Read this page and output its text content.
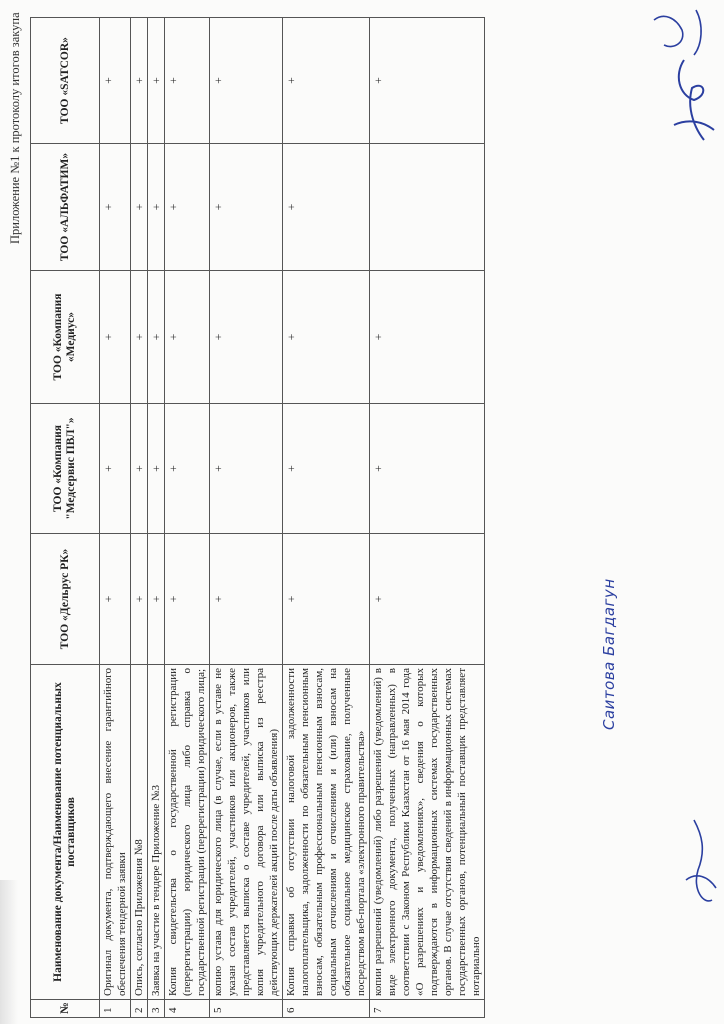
Приложение №1 к протоколу итогов закупа
№	Наименование документа/Наименование потенциальных поставщиков	ТОО «Дельрус РК»	ТОО «Компания "Медсервис ПВЛ"»	ТОО «Компания «Медиус»	ТОО «АЛЬФАТИМ»	ТОО «SATCOR»
1	Оригинал документа, подтверждающего внесение гарантийного обеспечения тендерной заявки	+	+	+	+	+
2	Опись, согласно Приложения №8	+	+	+	+	+
3	Заявка на участие в тендере Приложение №3	+	+	+	+	+
4	Копия свидетельства о государственной регистрации (перерегистрации) юридического лица либо справка о государственной регистрации (перерегистрации) юридического лица;	+	+	+	+	+
5	копию устава для юридического лица (в случае, если в уставе не указан состав учредителей, участников или акционеров, также представляется выписка о составе учредителей, участников или копия учредительного договора или выписка из реестра действующих держателей акций после даты объявления)	+	+	+	+	+
6	Копия справки об отсутствии налоговой задолженности налогоплательщика, задолженности по обязательным пенсионным взносам, обязательным профессиональным пенсионным взносам, социальным отчислениям и отчислениям и (или) взносам на обязательное социальное медицинское страхование, полученные посредством веб-портала «электронного правительства»	+	+	+	+	+
7	копии разрешений (уведомлений) либо разрешений (уведомлений) в виде электронного документа, полученных (направленных) в соответствии с Законом Республики Казахстан от 16 мая 2014 года «О разрешениях и уведомлениях», сведения о которых подтверждаются в информационных системах государственных органов. В случае отсутствия сведений в информационных системах государственных органов, потенциальный поставщик представляет нотариально	+	+	+		+
Саитова Багдагун
